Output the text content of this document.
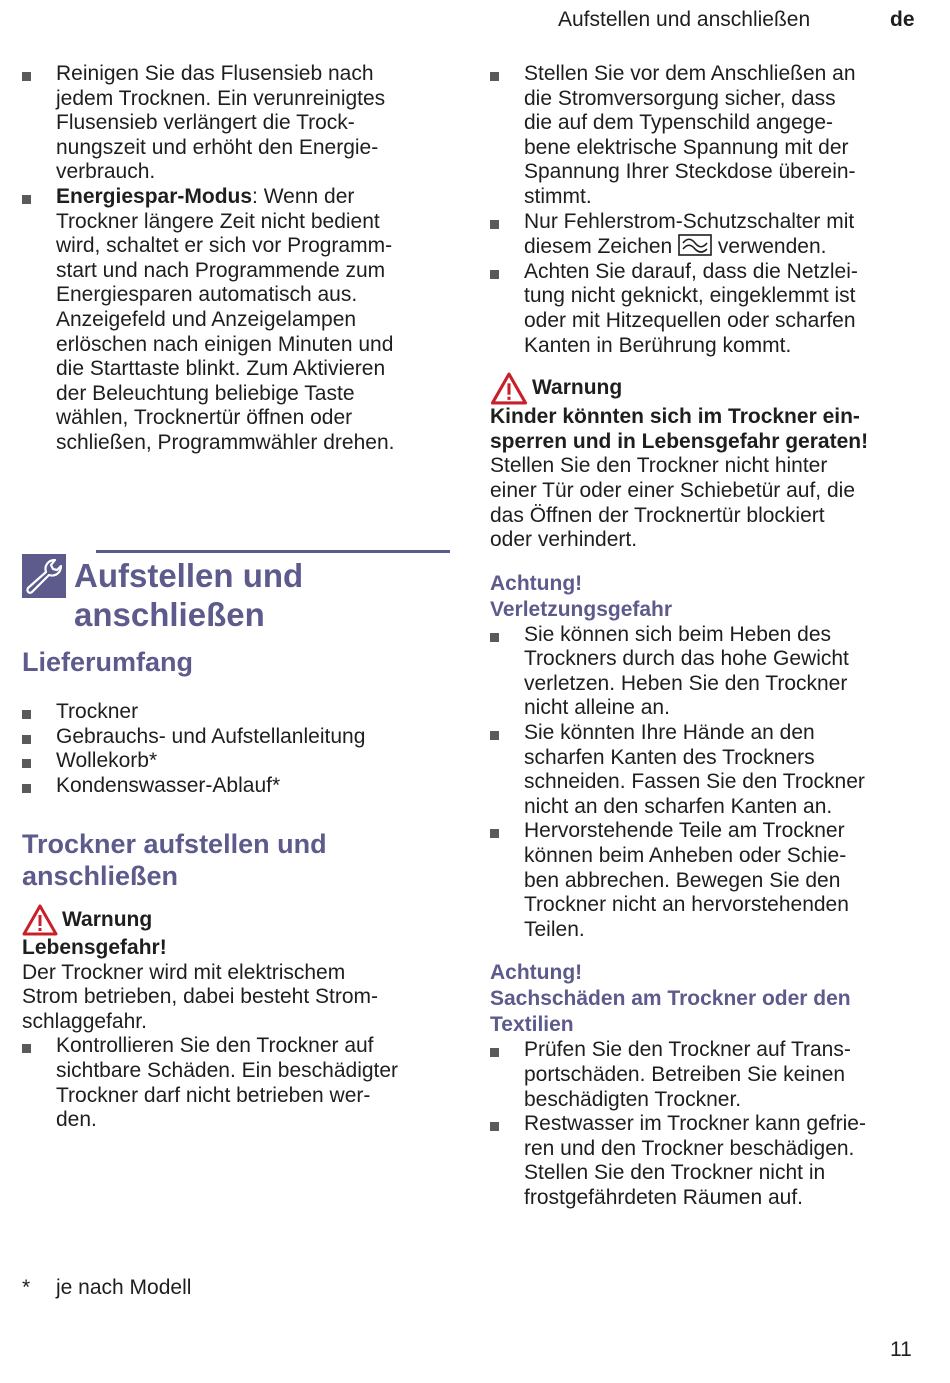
Aufstellen und anschließen	de
Reinigen Sie das Flusensieb nach
jedem Trocknen. Ein verunreinigtes
Flusensieb verlängert die Trock-
nungszeit und erhöht den Energie-
verbrauch.
Energiespar-Modus: Wenn der
Trockner längere Zeit nicht bedient
wird, schaltet er sich vor Programm-
start und nach Programmende zum
Energiesparen automatisch aus.
Anzeigefeld und Anzeigelampen
erlöschen nach einigen Minuten und
die Starttaste blinkt. Zum Aktivieren
der Beleuchtung beliebige Taste
wählen, Trocknertür öffnen oder
schließen, Programmwähler drehen.
Aufstellen und
anschließen
Lieferumfang
Trockner
Gebrauchs- und Aufstellanleitung
Wollekorb*
Kondenswasser-Ablauf*
Trockner aufstellen und
anschließen
Warnung
Lebensgefahr!
Der Trockner wird mit elektrischem
Strom betrieben, dabei besteht Strom-
schlaggefahr.
Kontrollieren Sie den Trockner auf
sichtbare Schäden. Ein beschädigter
Trockner darf nicht betrieben wer-
den.
Stellen Sie vor dem Anschließen an
die Stromversorgung sicher, dass
die auf dem Typenschild angege-
bene elektrische Spannung mit der
Spannung Ihrer Steckdose überein-
stimmt.
Nur Fehlerstrom-Schutzschalter mit
diesem Zeichen  verwenden.
Achten Sie darauf, dass die Netzlei-
tung nicht geknickt, eingeklemmt ist
oder mit Hitzequellen oder scharfen
Kanten in Berührung kommt.
Warnung
Kinder könnten sich im Trockner ein-
sperren und in Lebensgefahr geraten!
Stellen Sie den Trockner nicht hinter
einer Tür oder einer Schiebetür auf, die
das Öffnen der Trocknertür blockiert
oder verhindert.
Achtung!
Verletzungsgefahr
Sie können sich beim Heben des
Trockners durch das hohe Gewicht
verletzen. Heben Sie den Trockner
nicht alleine an.
Sie könnten Ihre Hände an den
scharfen Kanten des Trockners
schneiden. Fassen Sie den Trockner
nicht an den scharfen Kanten an.
Hervorstehende Teile am Trockner
können beim Anheben oder Schie-
ben abbrechen. Bewegen Sie den
Trockner nicht an hervorstehenden
Teilen.
Achtung!
Sachschäden am Trockner oder den
Textilien
Prüfen Sie den Trockner auf Trans-
portschäden. Betreiben Sie keinen
beschädigten Trockner.
Restwasser im Trockner kann gefrie-
ren und den Trockner beschädigen.
Stellen Sie den Trockner nicht in
frostgefährdeten Räumen auf.
* je nach Modell
11
